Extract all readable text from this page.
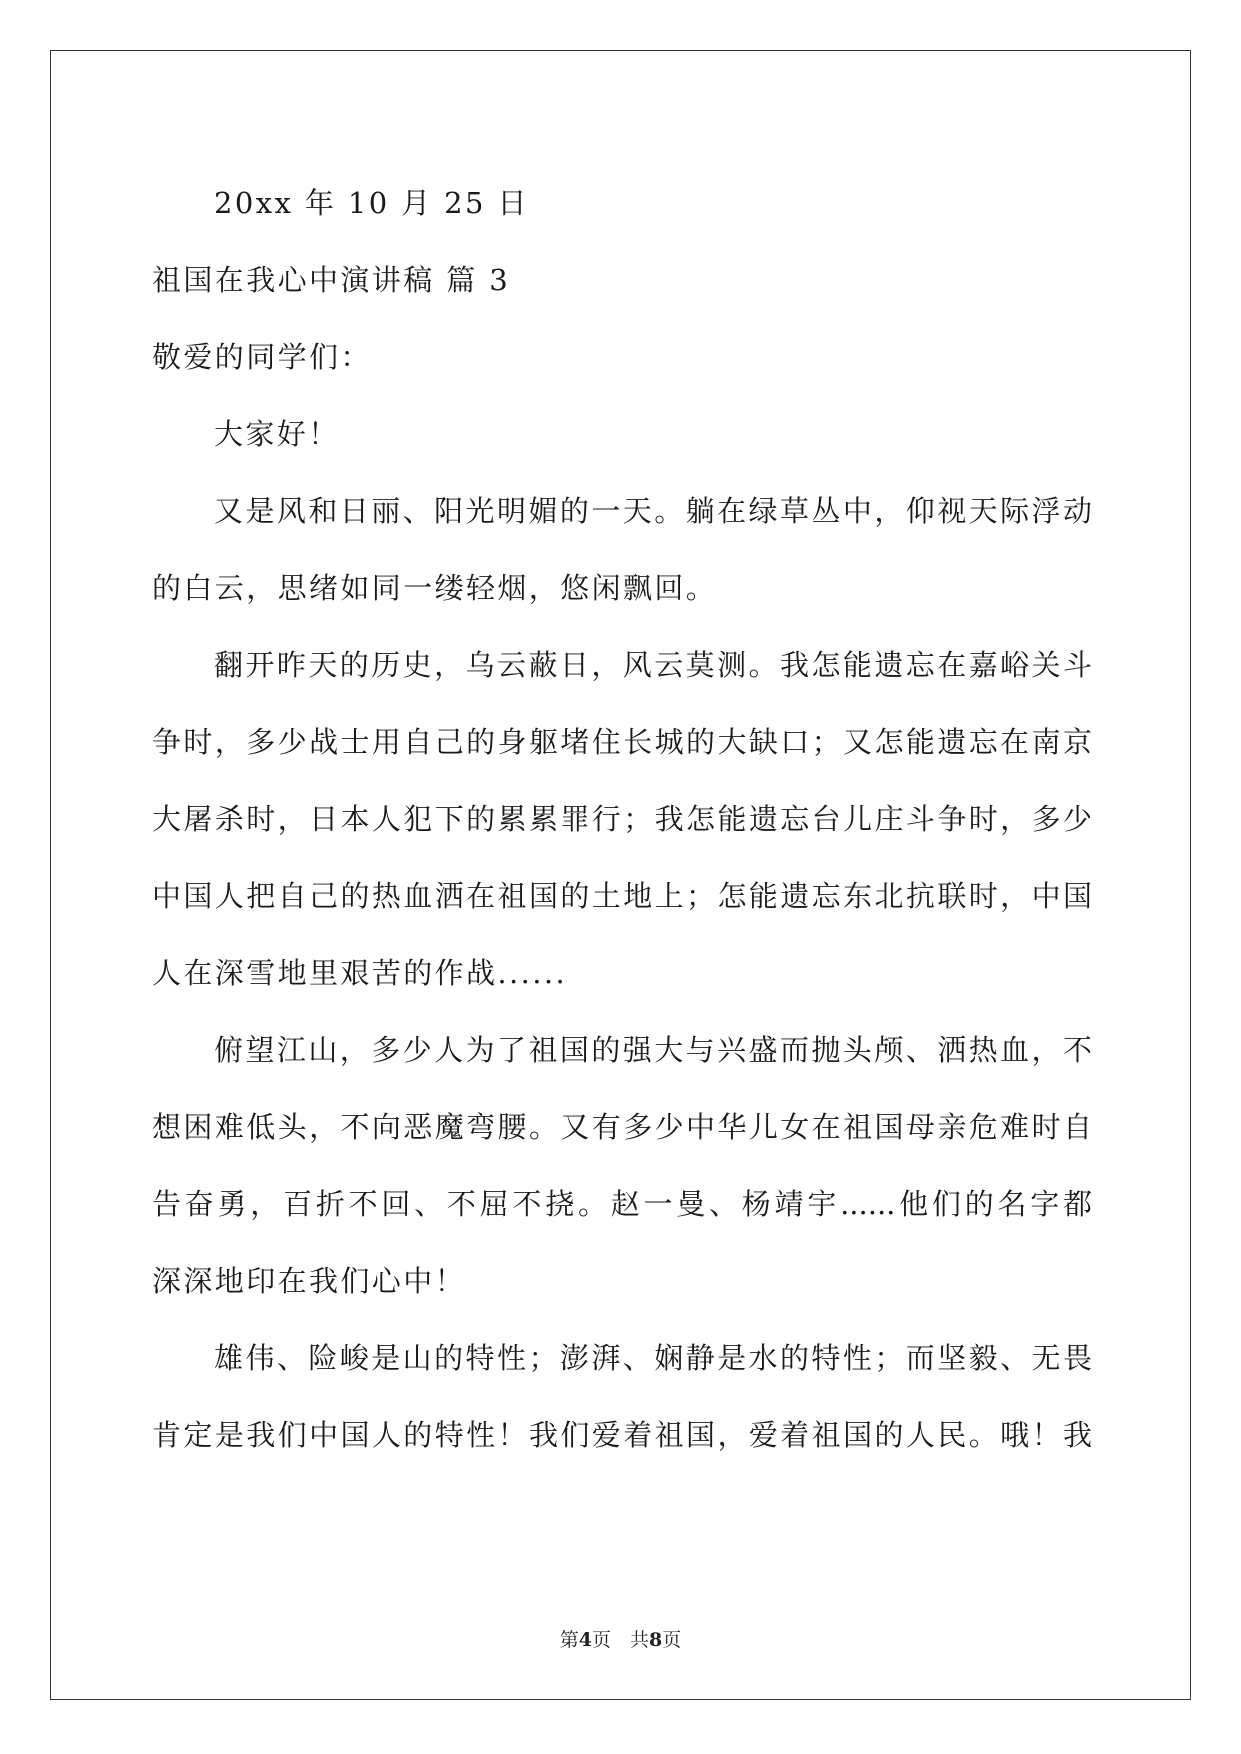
20xx 年 10 月 25 日
祖国在我心中演讲稿 篇 3
敬爱的同学们：
大家好！
又是风和日丽、阳光明媚的一天。躺在绿草丛中，仰视天际浮动
的白云，思绪如同一缕轻烟，悠闲飘回。
翻开昨天的历史，乌云蔽日，风云莫测。我怎能遗忘在嘉峪关斗
争时，多少战士用自己的身躯堵住长城的大缺口；又怎能遗忘在南京
大屠杀时，日本人犯下的累累罪行；我怎能遗忘台儿庄斗争时，多少
中国人把自己的热血洒在祖国的土地上；怎能遗忘东北抗联时，中国
人在深雪地里艰苦的作战......
俯望江山，多少人为了祖国的强大与兴盛而抛头颅、洒热血，不
想困难低头，不向恶魔弯腰。又有多少中华儿女在祖国母亲危难时自
告奋勇，百折不回、不屈不挠。赵一曼、杨靖宇......他们的名字都
深深地印在我们心中！
雄伟、险峻是山的特性；澎湃、娴静是水的特性；而坚毅、无畏
肯定是我们中国人的特性！我们爱着祖国，爱着祖国的人民。哦！我
第4页　共8页
